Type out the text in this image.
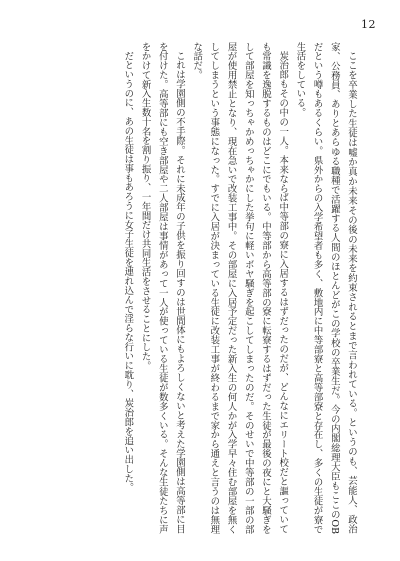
12

ここを卒業した生徒は嘘か真か未来その後の未来を約束されるとまで言われている。というのも、芸能人、政治家、公務員、ありとあらゆる職種で活躍する人間のほとんどがこの学校の卒業生だ。今の内閣総理大臣もここのOBだという噂もあるくらい。県外からの入学希望者も多く、敷地内に中等部寮と高等部寮と存在し、多くの生徒が寮で生活をしている。

炭治郎もその中の一人。本来ならば中等部の寮に入居するはずだったのだが、どんなにエリート校だと謳っていても常識を逸脱するものはどこにでもいる。中等部から高等部の寮に転寮するはずだった生徒が最後の夜にと大騒ぎをして部屋を知っちゃかめっちゃかにした挙句に軽いボヤ騒ぎを起こしてしまったのだ。そのせいで中等部の一部の部屋が使用禁止となり、現在急いで改装工事中。その部屋に入居予定だった新入生の何人かが入学早々住む部屋を無くしてしまうという事態になった。すでに入居が決まっている生徒に改装工事が終わるまで家から通えと言うのは無理な話だ。

これは学園側の不手際。それに未成年の子供を振り回すのは世間体にもよろしくないと考えた学園側は高等部に目を付けた。高等部にも空き部屋や二人部屋は事情があって一人が使っている生徒が数多くいる。そんな生徒たちに声をかけて新入生数十名を割り振り、一年間だけ共同生活をさせることにした。

だというのに、あの生徒は事もあろうに女子生徒を連れ込んで淫らな行いに耽り、炭治郎を追い出した。
